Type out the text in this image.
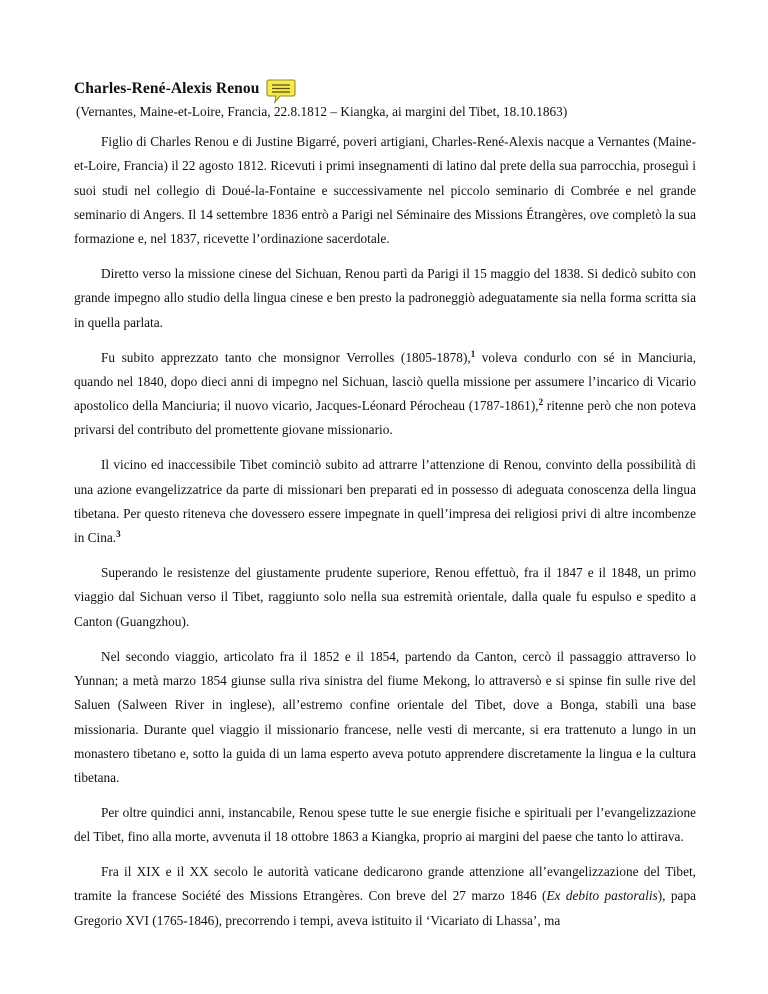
Charles-René-Alexis Renou

(Vernantes, Maine-et-Loire, Francia, 22.8.1812 – Kiangka, ai margini del Tibet, 18.10.1863)

Figlio di Charles Renou e di Justine Bigarré, poveri artigiani, Charles-René-Alexis nacque a Vernantes (Maine-et-Loire, Francia) il 22 agosto 1812. Ricevuti i primi insegnamenti di latino dal prete della sua parrocchia, proseguì i suoi studi nel collegio di Doué-la-Fontaine e successivamente nel piccolo seminario di Combrée e nel grande seminario di Angers. Il 14 settembre 1836 entrò a Parigi nel Séminaire des Missions Étrangères, ove completò la sua formazione e, nel 1837, ricevette l’ordinazione sacerdotale.

Diretto verso la missione cinese del Sichuan, Renou partì da Parigi il 15 maggio del 1838. Si dedicò subito con grande impegno allo studio della lingua cinese e ben presto la padroneggiò adeguatamente sia nella forma scritta sia in quella parlata.

Fu subito apprezzato tanto che monsignor Verrolles (1805-1878),$^1$ voleva condurlo con sé in Manciuria, quando nel 1840, dopo dieci anni di impegno nel Sichuan, lasciò quella missione per assumere l’incarico di Vicario apostolico della Manciuria; il nuovo vicario, Jacques-Léonard Pérocheau (1787-1861),$^2$ ritenne però che non poteva privarsi del contributo del promettente giovane missionario.

Il vicino ed inaccessibile Tibet cominciò subito ad attrarre l’attenzione di Renou, convinto della possibilità di una azione evangelizzatrice da parte di missionari ben preparati ed in possesso di adeguata conoscenza della lingua tibetana. Per questo riteneva che dovessero essere impegnate in quell’impresa dei religiosi privi di altre incombenze in Cina.$^3$

Superando le resistenze del giustamente prudente superiore, Renou effettuò, fra il 1847 e il 1848, un primo viaggio dal Sichuan verso il Tibet, raggiunto solo nella sua estremità orientale, dalla quale fu espulso e spedito a Canton (Guangzhou).

Nel secondo viaggio, articolato fra il 1852 e il 1854, partendo da Canton, cercò il passaggio attraverso lo Yunnan; a metà marzo 1854 giunse sulla riva sinistra del fiume Mekong, lo attraversò e si spinse fin sulle rive del Saluen (Salween River in inglese), all’estremo confine orientale del Tibet, dove a Bonga, stabilì una base missionaria. Durante quel viaggio il missionario francese, nelle vesti di mercante, si era trattenuto a lungo in un monastero tibetano e, sotto la guida di un lama esperto aveva potuto apprendere discretamente la lingua e la cultura tibetana.

Per oltre quindici anni, instancabile, Renou spese tutte le sue energie fisiche e spirituali per l’evangelizzazione del Tibet, fino alla morte, avvenuta il 18 ottobre 1863 a Kiangka, proprio ai margini del paese che tanto lo attirava.

Fra il XIX e il XX secolo le autorità vaticane dedicarono grande attenzione all’evangelizzazione del Tibet, tramite la francese Société des Missions Etrangères. Con breve del 27 marzo 1846 (Ex debito pastoralis), papa Gregorio XVI (1765-1846), precorrendo i tempi, aveva istituito il ‘Vicariato di Lhassa’, ma
